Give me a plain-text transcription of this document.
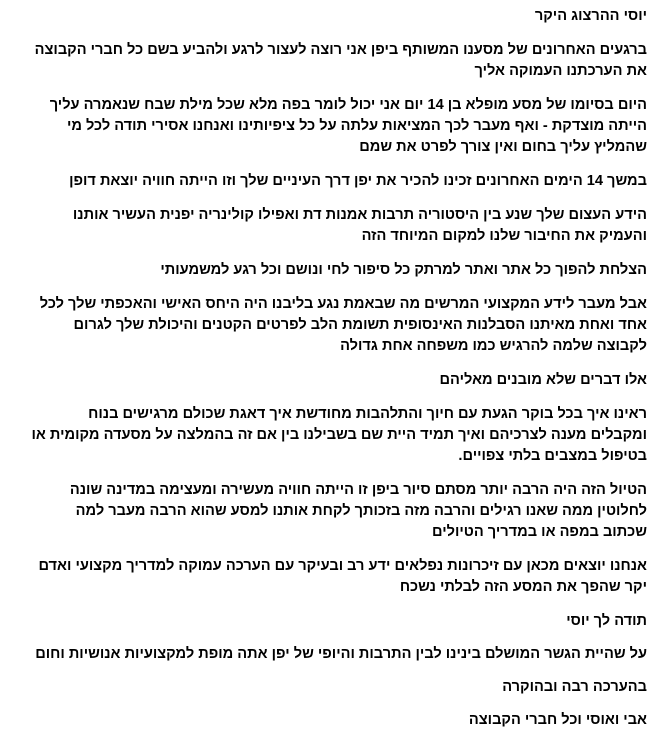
יוסי ההרצוג היקר

ברגעים האחרונים של מסענו המשותף ביפן אני רוצה לעצור לרגע ולהביע בשם כל חברי הקבוצה את הערכתנו העמוקה אליך

היום בסיומו של מסע מופלא בן 14 יום אני יכול לומר בפה מלא שכל מילת שבח שנאמרה עליך הייתה מוצדקת - ואף מעבר לכך המציאות עלתה על כל ציפיותינו ואנחנו אסירי תודה לכל מי שהמליץ עליך בחום ואין צורך לפרט את שמם

במשך 14 הימים האחרונים זכינו להכיר את יפן דרך העיניים שלך וזו הייתה חוויה יוצאת דופן

הידע העצום שלך שנע בין היסטוריה תרבות אמנות דת ואפילו קולינריה יפנית העשיר אותנו והעמיק את החיבור שלנו למקום המיוחד הזה

הצלחת להפוך כל אתר ואתר למרתק כל סיפור לחי ונושם וכל רגע למשמעותי

אבל מעבר לידע המקצועי המרשים מה שבאמת נגע בליבנו היה היחס האישי והאכפתי שלך לכל אחד ואחת מאיתנו הסבלנות האינסופית תשומת הלב לפרטים הקטנים והיכולת שלך לגרום לקבוצה שלמה להרגיש כמו משפחה אחת גדולה

אלו דברים שלא מובנים מאליהם

ראינו איך בכל בוקר הגעת עם חיוך והתלהבות מחודשת איך דאגת שכולם מרגישים בנוח ומקבלים מענה לצרכיהם ואיך תמיד היית שם בשבילנו בין אם זה בהמלצה על מסעדה מקומית או בטיפול במצבים בלתי צפויים.

הטיול הזה היה הרבה יותר מסתם סיור ביפן זו הייתה חוויה מעשירה ומעצימה במדינה שונה לחלוטין ממה שאנו רגילים והרבה מזה בזכותך לקחת אותנו למסע שהוא הרבה מעבר למה שכתוב במפה או במדריך הטיולים

אנחנו יוצאים מכאן עם זיכרונות נפלאים ידע רב ובעיקר עם הערכה עמוקה למדריך מקצועי ואדם יקר שהפך את המסע הזה לבלתי נשכח

תודה לך יוסי

על שהיית הגשר המושלם בינינו לבין התרבות והיופי של יפן אתה מופת למקצועיות אנושיות וחום

בהערכה רבה ובהוקרה

אבי ואוסי וכל חברי הקבוצה
